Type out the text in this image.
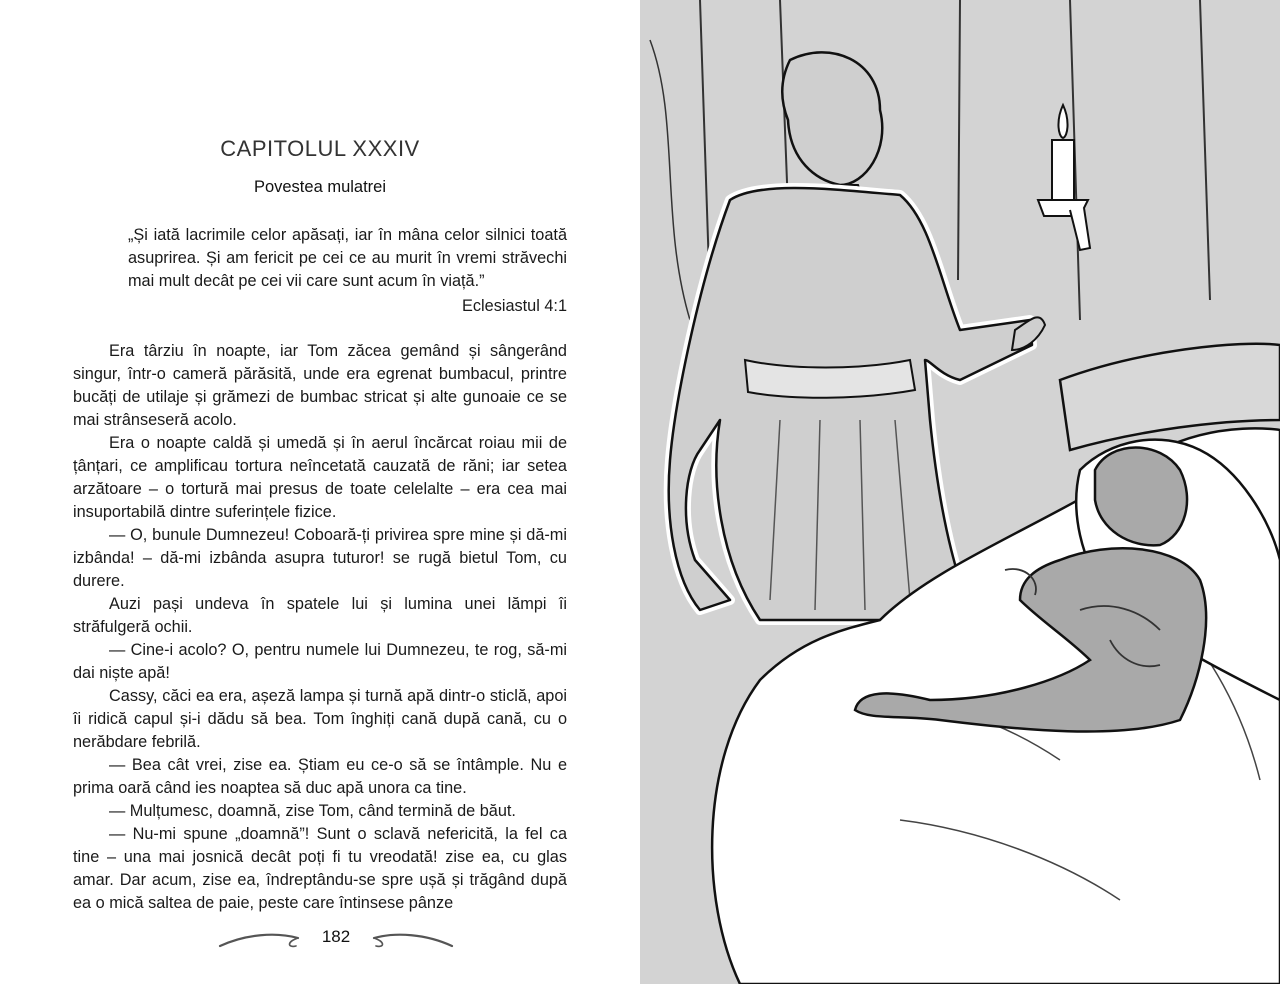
CAPITOLUL XXXIV
Povestea mulatrei

„Și iată lacrimile celor apăsați, iar în mâna celor silnici toată asuprirea. Și am fericit pe cei ce au murit în vremi străvechi mai mult decât pe cei vii care sunt acum în viață.”

Eclesiastul 4:1

Era târziu în noapte, iar Tom zăcea gemând și sângerând singur, într-o cameră părăsită, unde era egrenat bumbacul, printre bucăți de utilaje și grămezi de bumbac stricat și alte gunoaie ce se mai strânseseră acolo.

Era o noapte caldă și umedă și în aerul încărcat roiau mii de țânțari, ce amplificau tortura neîncetată cauzată de răni; iar setea arzătoare – o tortură mai presus de toate celelalte – era cea mai insuportabilă dintre suferințele fizice.

— O, bunule Dumnezeu! Coboară-ți privirea spre mine și dă-mi izbânda! – dă-mi izbânda asupra tuturor! se rugă bietul Tom, cu durere.

Auzi pași undeva în spatele lui și lumina unei lămpi îi străfulgeră ochii.

— Cine-i acolo? O, pentru numele lui Dumnezeu, te rog, să-mi dai niște apă!

Cassy, căci ea era, așeză lampa și turnă apă dintr-o sticlă, apoi îi ridică capul și-i dădu să bea. Tom înghiți cană după cană, cu o nerăbdare febrilă.

— Bea cât vrei, zise ea. Știam eu ce-o să se întâmple. Nu e prima oară când ies noaptea să duc apă unora ca tine.

— Mulțumesc, doamnă, zise Tom, când termină de băut.

— Nu-mi spune „doamnă”! Sunt o sclavă nefericită, la fel ca tine – una mai josnică decât poți fi tu vreodată! zise ea, cu glas amar. Dar acum, zise ea, îndreptându-se spre ușă și trăgând după ea o mică saltea de paie, peste care întinsese pânze

182
